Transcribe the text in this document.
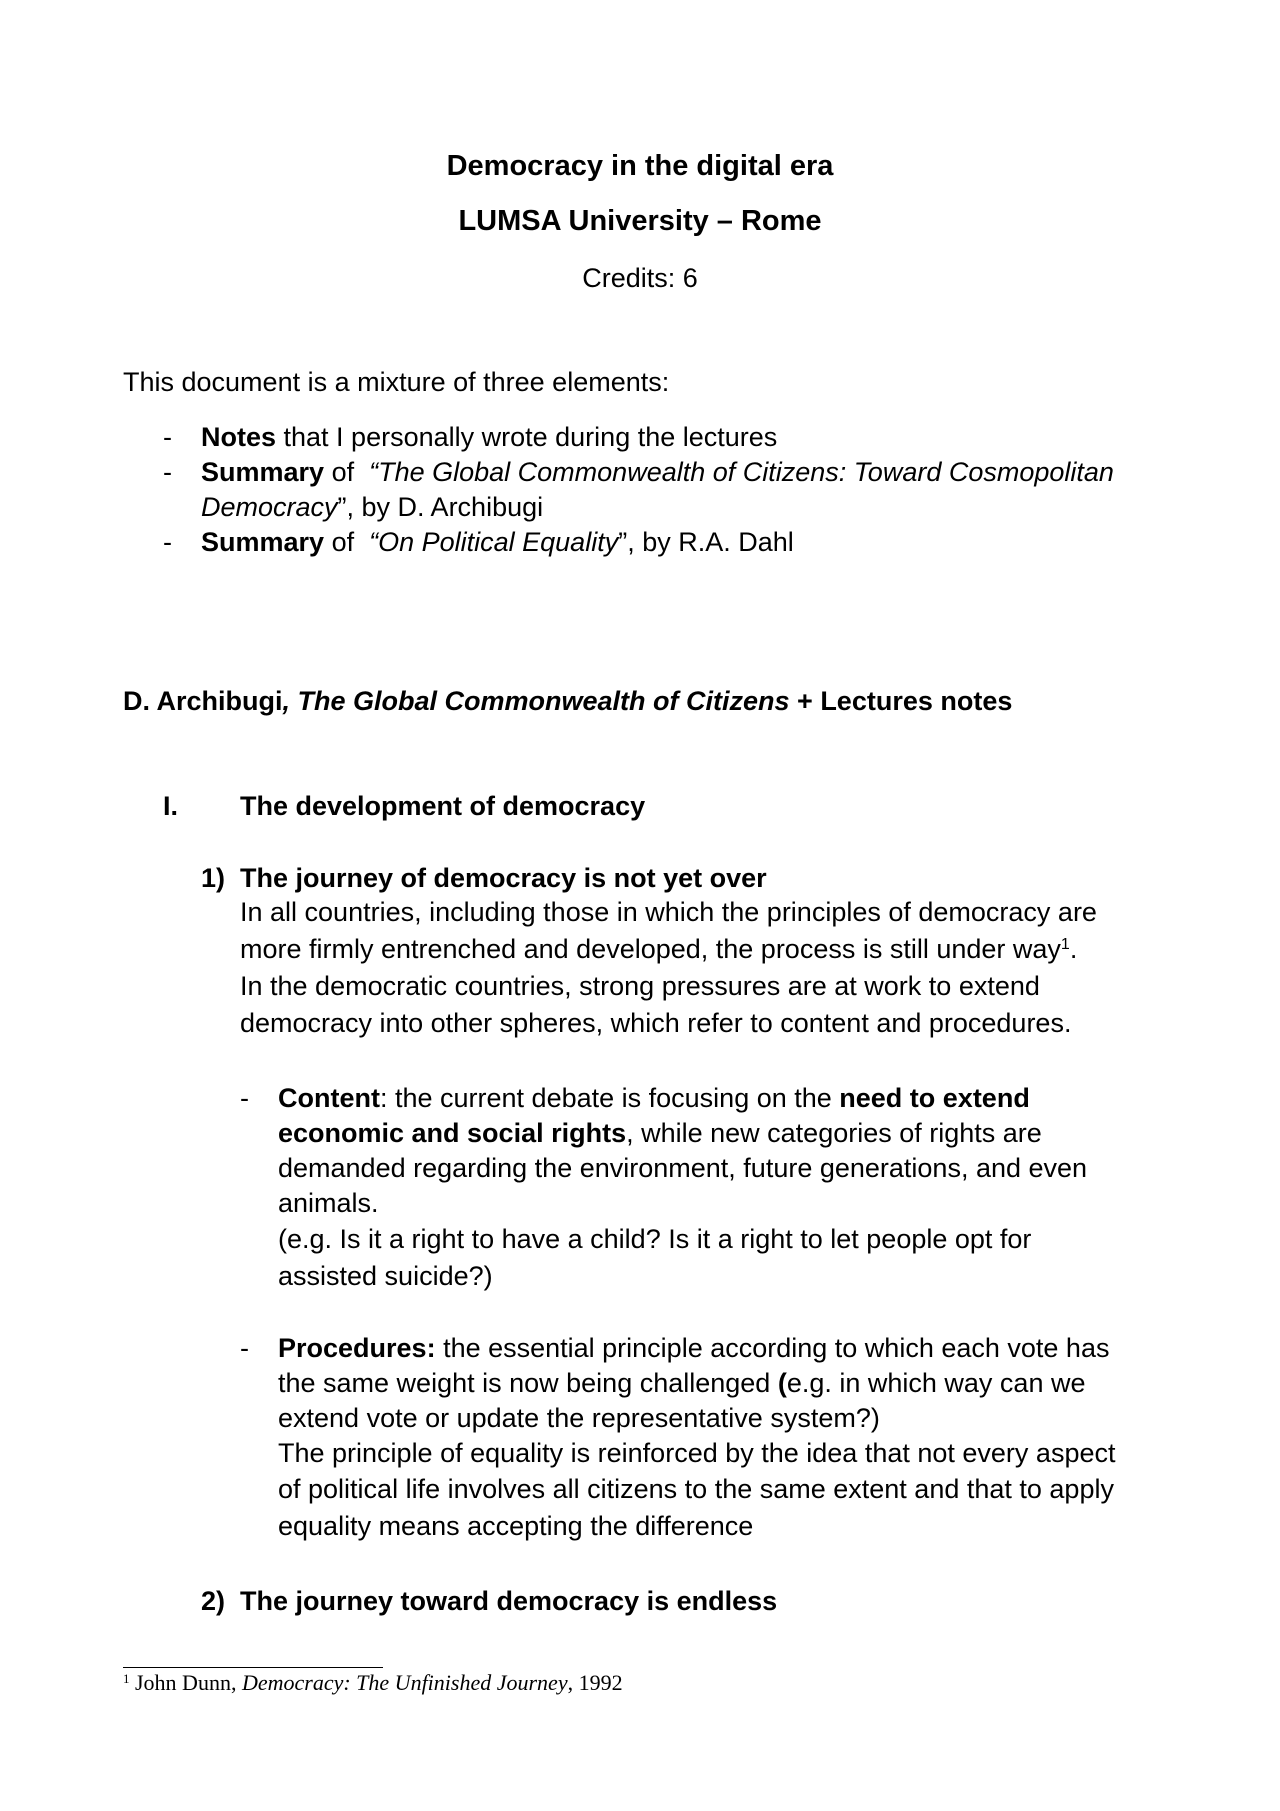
Democracy in the digital era
LUMSA University – Rome
Credits: 6
This document is a mixture of three elements:
- Notes that I personally wrote during the lectures
- Summary of  “The Global Commonwealth of Citizens: Toward Cosmopolitan
Democracy”, by D. Archibugi
- Summary of  “On Political Equality”, by R.A. Dahl
D. Archibugi, The Global Commonwealth of Citizens + Lectures notes
I. The development of democracy
1) The journey of democracy is not yet over
In all countries, including those in which the principles of democracy are
more firmly entrenched and developed, the process is still under way$^1$.
In the democratic countries, strong pressures are at work to extend
democracy into other spheres, which refer to content and procedures.
- Content: the current debate is focusing on the need to extend
economic and social rights, while new categories of rights are
demanded regarding the environment, future generations, and even
animals.
(e.g. Is it a right to have a child? Is it a right to let people opt for
assisted suicide?)
- Procedures: the essential principle according to which each vote has
the same weight is now being challenged (e.g. in which way can we
extend vote or update the representative system?)
The principle of equality is reinforced by the idea that not every aspect
of political life involves all citizens to the same extent and that to apply
equality means accepting the difference
2) The journey toward democracy is endless
$^1$ John Dunn, Democracy: The Unfinished Journey, 1992
